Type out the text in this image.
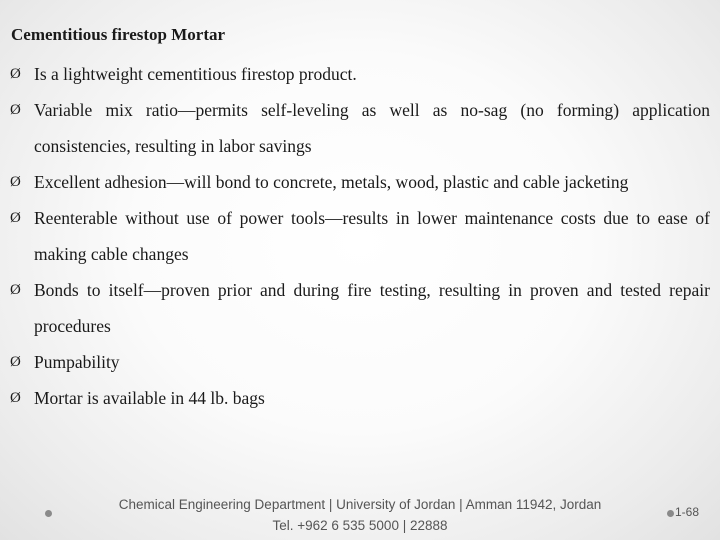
Cementitious firestop Mortar
Ø Is a lightweight cementitious firestop product.
Ø Variable mix ratio—permits self-leveling as well as no-sag (no forming) application consistencies, resulting in labor savings
Ø Excellent adhesion—will bond to concrete, metals, wood, plastic and cable jacketing
Ø Reenterable without use of power tools—results in lower maintenance costs due to ease of making cable changes
Ø Bonds to itself—proven prior and during fire testing, resulting in proven and tested repair procedures
Ø Pumpability
Ø Mortar is available in 44 lb. bags
Chemical Engineering Department | University of Jordan | Amman 11942, Jordan
Tel. +962 6 535 5000 | 22888
1-68
